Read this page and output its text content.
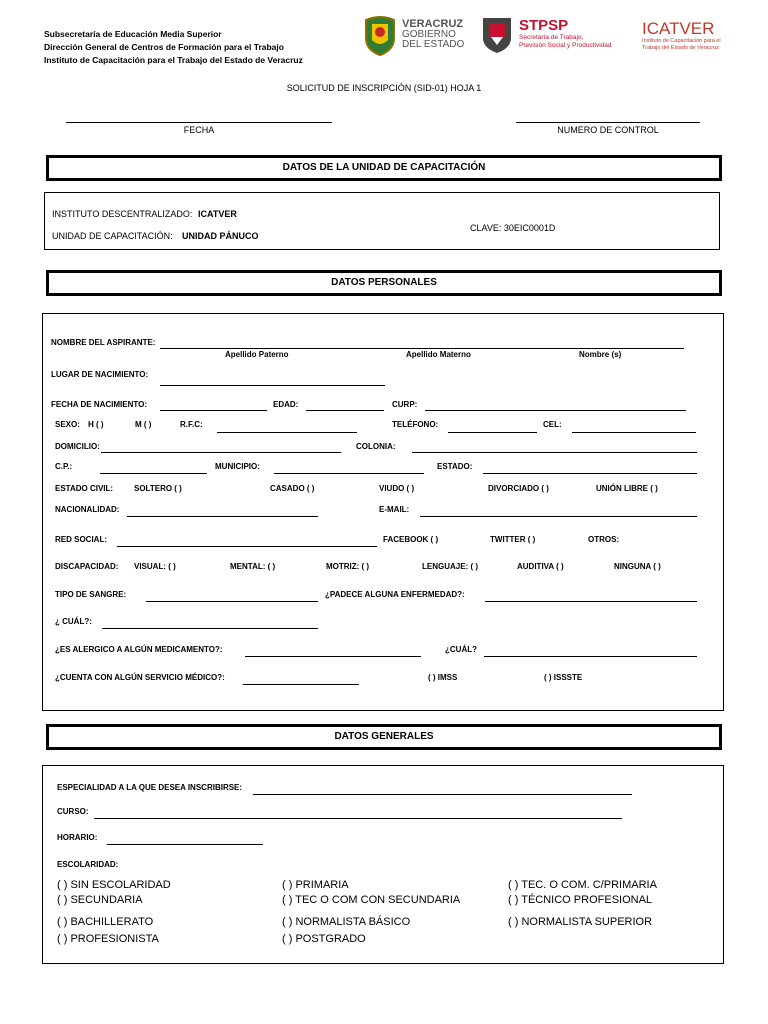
Subsecretaría de Educación Media Superior
Dirección General de Centros de Formación para el Trabajo
Instituto de Capacitación para el Trabajo del Estado de Veracruz
VERACRUZ
GOBIERNO
DEL ESTADO
STPSP
Secretaría de Trabajo,
Previsión Social y Productividad
ICATVER
Instituto de Capacitación para el
Trabajo del Estado de Veracruz
SOLICITUD DE INSCRIPCIÓN (SID-01) HOJA 1
FECHA	NUMERO DE CONTROL
DATOS DE LA UNIDAD DE CAPACITACIÓN
INSTITUTO DESCENTRALIZADO: ICATVER
UNIDAD DE CAPACITACIÓN: UNIDAD PÁNUCO
CLAVE: 30EIC0001D
DATOS PERSONALES
NOMBRE DEL ASPIRANTE:
Apellido Paterno	Apellido Materno	Nombre (s)
LUGAR DE NACIMIENTO:
FECHA DE NACIMIENTO:	EDAD:	CURP:
SEXO: H ( )	M ( )	R.F.C:	TELÉFONO:	CEL:
DOMICILIO:	COLONIA:
C.P.:	MUNICIPIO:	ESTADO:
ESTADO CIVIL:	SOLTERO ( )	CASADO ( )	VIUDO ( )	DIVORCIADO ( )	UNIÓN LIBRE ( )
NACIONALIDAD:	E-MAIL:
RED SOCIAL:	FACEBOOK ( )	TWITTER ( )	OTROS:
DISCAPACIDAD: VISUAL: ( )	MENTAL: ( )	MOTRIZ: ( )	LENGUAJE: ( )	AUDITIVA ( )	NINGUNA ( )
TIPO DE SANGRE:	¿PADECE ALGUNA ENFERMEDAD?:
¿ CUÁL?:
¿ES ALERGICO A ALGÚN MEDICAMENTO?:	¿CUÁL?
¿CUENTA CON ALGÚN SERVICIO MÉDICO?:	( ) IMSS	( ) ISSSTE
DATOS GENERALES
ESPECIALIDAD A LA QUE DESEA INSCRIBIRSE:
CURSO:
HORARIO:
ESCOLARIDAD:
( ) SIN ESCOLARIDAD	( ) PRIMARIA	( ) TEC. O COM. C/PRIMARIA
( ) SECUNDARIA	( ) TEC O COM CON SECUNDARIA	( ) TÉCNICO PROFESIONAL
( ) BACHILLERATO	( ) NORMALISTA BÁSICO	( ) NORMALISTA SUPERIOR
( ) PROFESIONISTA	( ) POSTGRADO
